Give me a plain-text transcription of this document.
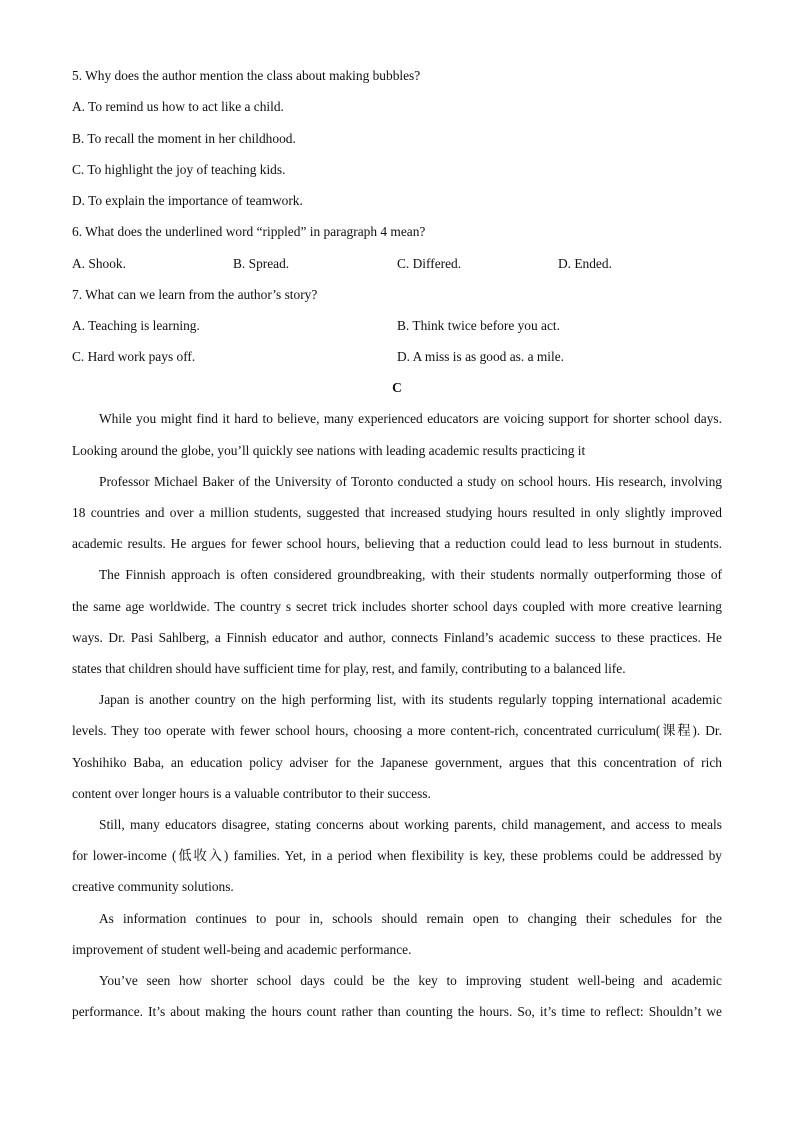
5. Why does the author mention the class about making bubbles?
A. To remind us how to act like a child.
B. To recall the moment in her childhood.
C. To highlight the joy of teaching kids.
D. To explain the importance of teamwork.
6. What does the underlined word “rippled” in paragraph 4 mean?
A. Shook.	B. Spread.	C. Differed.	D. Ended.
7. What can we learn from the author’s story?
A. Teaching is learning.	B. Think twice before you act.
C. Hard work pays off.	D. A miss is as good as. a mile.
C
While you might find it hard to believe, many experienced educators are voicing support for shorter school days.
Looking around the globe, you’ll quickly see nations with leading academic results practicing it
Professor Michael Baker of the University of Toronto conducted a study on school hours. His research, involving
18 countries and over a million students, suggested that increased studying hours resulted in only slightly improved
academic results. He argues for fewer school hours, believing that a reduction could lead to less burnout in students.
The Finnish approach is often considered groundbreaking, with their students normally outperforming those of
the same age worldwide. The country s secret trick includes shorter school days coupled with more creative learning
ways. Dr. Pasi Sahlberg, a Finnish educator and author, connects Finland’s academic success to these practices. He
states that children should have sufficient time for play, rest, and family, contributing to a balanced life.
Japan is another country on the high performing list, with its students regularly topping international academic
levels. They too operate with fewer school hours, choosing a more content-rich, concentrated curriculum(课程). Dr.
Yoshihiko Baba, an education policy adviser for the Japanese government, argues that this concentration of rich
content over longer hours is a valuable contributor to their success.
Still, many educators disagree, stating concerns about working parents, child management, and access to meals
for lower-income (低收入) families. Yet, in a period when flexibility is key, these problems could be addressed by
creative community solutions.
As information continues to pour in, schools should remain open to changing their schedules for the
improvement of student well-being and academic performance.
You’ve seen how shorter school days could be the key to improving student well-being and academic
performance. It’s about making the hours count rather than counting the hours. So, it’s time to reflect: Shouldn’t we
